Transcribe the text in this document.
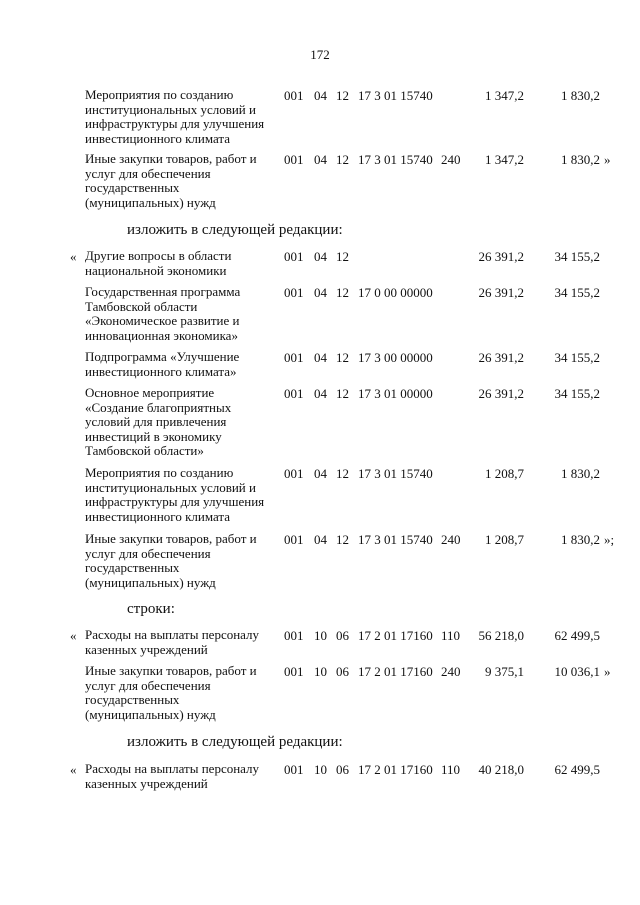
172
Мероприятия по созданию институциональных условий и инфраструктуры для улучшения инвестиционного климата
001 04 12 17 3 01 15740	1 347,2	1 830,2
Иные закупки товаров, работ и услуг для обеспечения государственных (муниципальных) нужд
001 04 12 17 3 01 15740 240	1 347,2	1 830,2 »
изложить в следующей редакции:
« Другие вопросы в области национальной экономики
001 04 12	26 391,2	34 155,2
Государственная программа Тамбовской области «Экономическое развитие и инновационная экономика»
001 04 12 17 0 00 00000	26 391,2	34 155,2
Подпрограмма «Улучшение инвестиционного климата»
001 04 12 17 3 00 00000	26 391,2	34 155,2
Основное мероприятие «Создание благоприятных условий для привлечения инвестиций в экономику Тамбовской области»
001 04 12 17 3 01 00000	26 391,2	34 155,2
Мероприятия по созданию институциональных условий и инфраструктуры для улучшения инвестиционного климата
001 04 12 17 3 01 15740	1 208,7	1 830,2
Иные закупки товаров, работ и услуг для обеспечения государственных (муниципальных) нужд
001 04 12 17 3 01 15740 240	1 208,7	1 830,2 »;
строки:
« Расходы на выплаты персоналу казенных учреждений
001 10 06 17 2 01 17160 110	56 218,0	62 499,5
Иные закупки товаров, работ и услуг для обеспечения государственных (муниципальных) нужд
001 10 06 17 2 01 17160 240	9 375,1	10 036,1 »
изложить в следующей редакции:
« Расходы на выплаты персоналу казенных учреждений
001 10 06 17 2 01 17160 110	40 218,0	62 499,5
